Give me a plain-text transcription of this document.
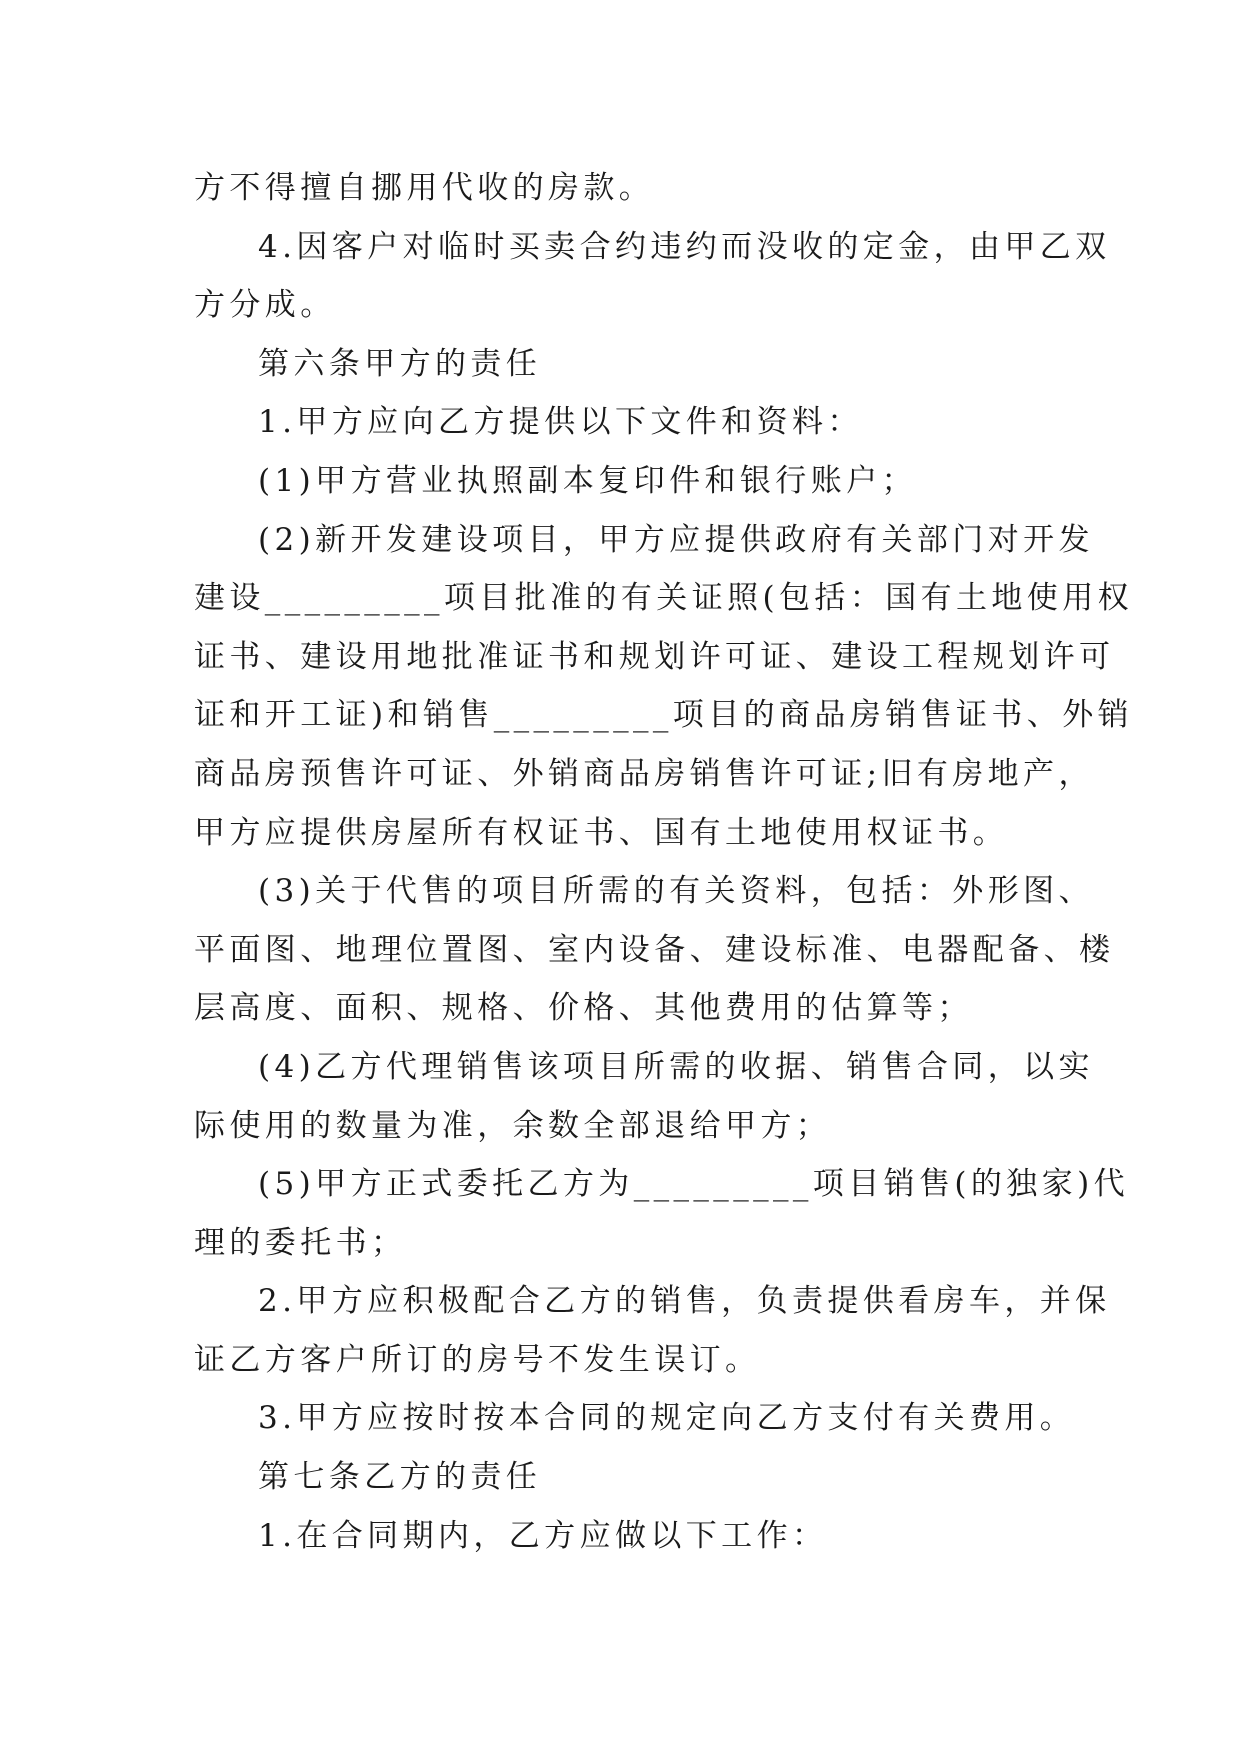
方不得擅自挪用代收的房款。
4.因客户对临时买卖合约违约而没收的定金，由甲乙双
方分成。
第六条甲方的责任
1.甲方应向乙方提供以下文件和资料：
(1)甲方营业执照副本复印件和银行账户；
(2)新开发建设项目，甲方应提供政府有关部门对开发
建设_________项目批准的有关证照(包括：国有土地使用权
证书、建设用地批准证书和规划许可证、建设工程规划许可
证和开工证)和销售_________项目的商品房销售证书、外销
商品房预售许可证、外销商品房销售许可证;旧有房地产，
甲方应提供房屋所有权证书、国有土地使用权证书。
(3)关于代售的项目所需的有关资料，包括：外形图、
平面图、地理位置图、室内设备、建设标准、电器配备、楼
层高度、面积、规格、价格、其他费用的估算等；
(4)乙方代理销售该项目所需的收据、销售合同，以实
际使用的数量为准，余数全部退给甲方；
(5)甲方正式委托乙方为_________项目销售(的独家)代
理的委托书；
2.甲方应积极配合乙方的销售，负责提供看房车，并保
证乙方客户所订的房号不发生误订。
3.甲方应按时按本合同的规定向乙方支付有关费用。
第七条乙方的责任
1.在合同期内，乙方应做以下工作：
